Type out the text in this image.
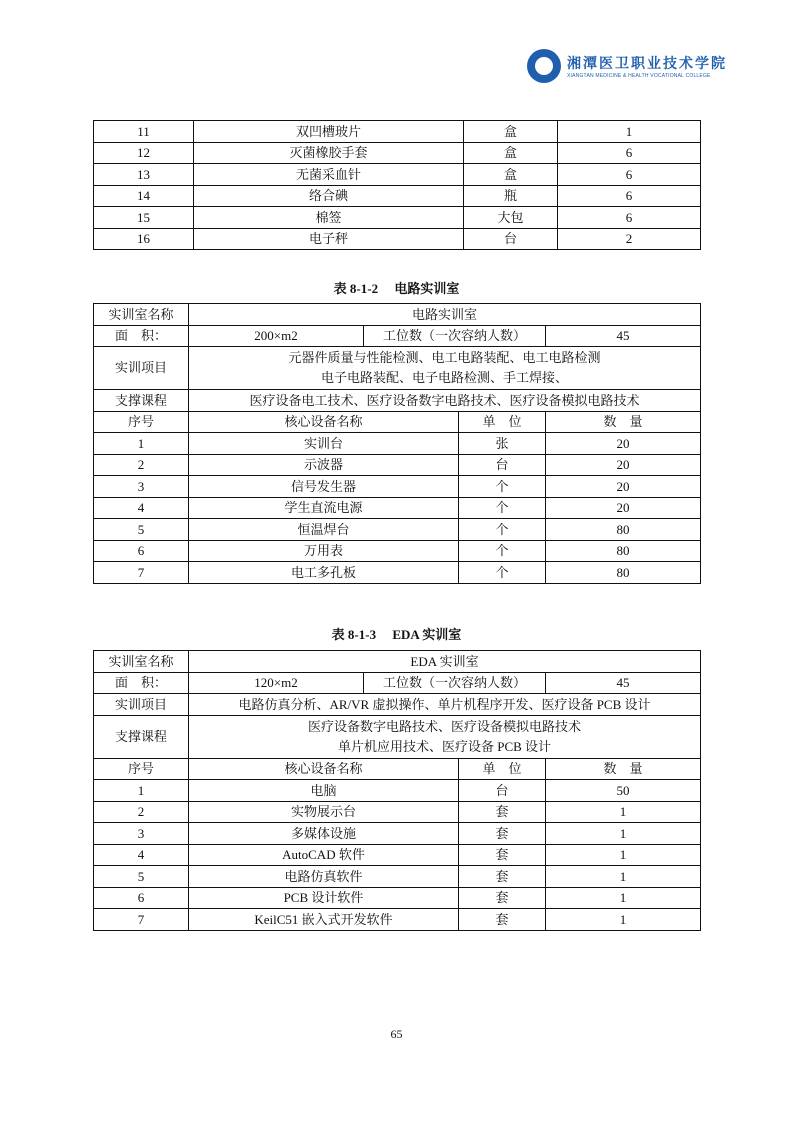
湘潭医卫职业技术学院
XIANGTAN MEDICINE & HEALTH VOCATIONAL COLLEGE
11	双凹槽玻片	盒	1
12	灭菌橡胶手套	盒	6
13	无菌采血针	盒	6
14	络合碘	瓶	6
15	棉签	大包	6
16	电子秤	台	2
表 8-1-2　 电路实训室
实训室名称	电路实训室			
面　积：	200×m2	工位数（一次容纳人数）		45
实训项目	元器件质量与性能检测、电工电路装配、电工电路检测
电子电路装配、电子电路检测、手工焊接、			

支撑课程	医疗设备电工技术、医疗设备数字电路技术、医疗设备模拟电路技术			
序号	核心设备名称		单　位	数　量
1	实训台		张	20
2	示波器		台	20
3	信号发生器		个	20
4	学生直流电源		个	20
5	恒温焊台		个	80
6	万用表		个	80
7	电工多孔板		个	80
表 8-1-3　 EDA 实训室
实训室名称	EDA 实训室			
面　积：	120×m2	工位数（一次容纳人数）		45
实训项目	电路仿真分析、AR/VR 虚拟操作、单片机程序开发、医疗设备 PCB 设计			
支撑课程	医疗设备数字电路技术、医疗设备模拟电路技术
单片机应用技术、医疗设备 PCB 设计			

序号	核心设备名称		单　位	数　量
1	电脑		台	50
2	实物展示台		套	1
3	多媒体设施		套	1
4	AutoCAD 软件		套	1
5	电路仿真软件		套	1
6	PCB 设计软件		套	1
7	KeilC51 嵌入式开发软件		套	1
65
